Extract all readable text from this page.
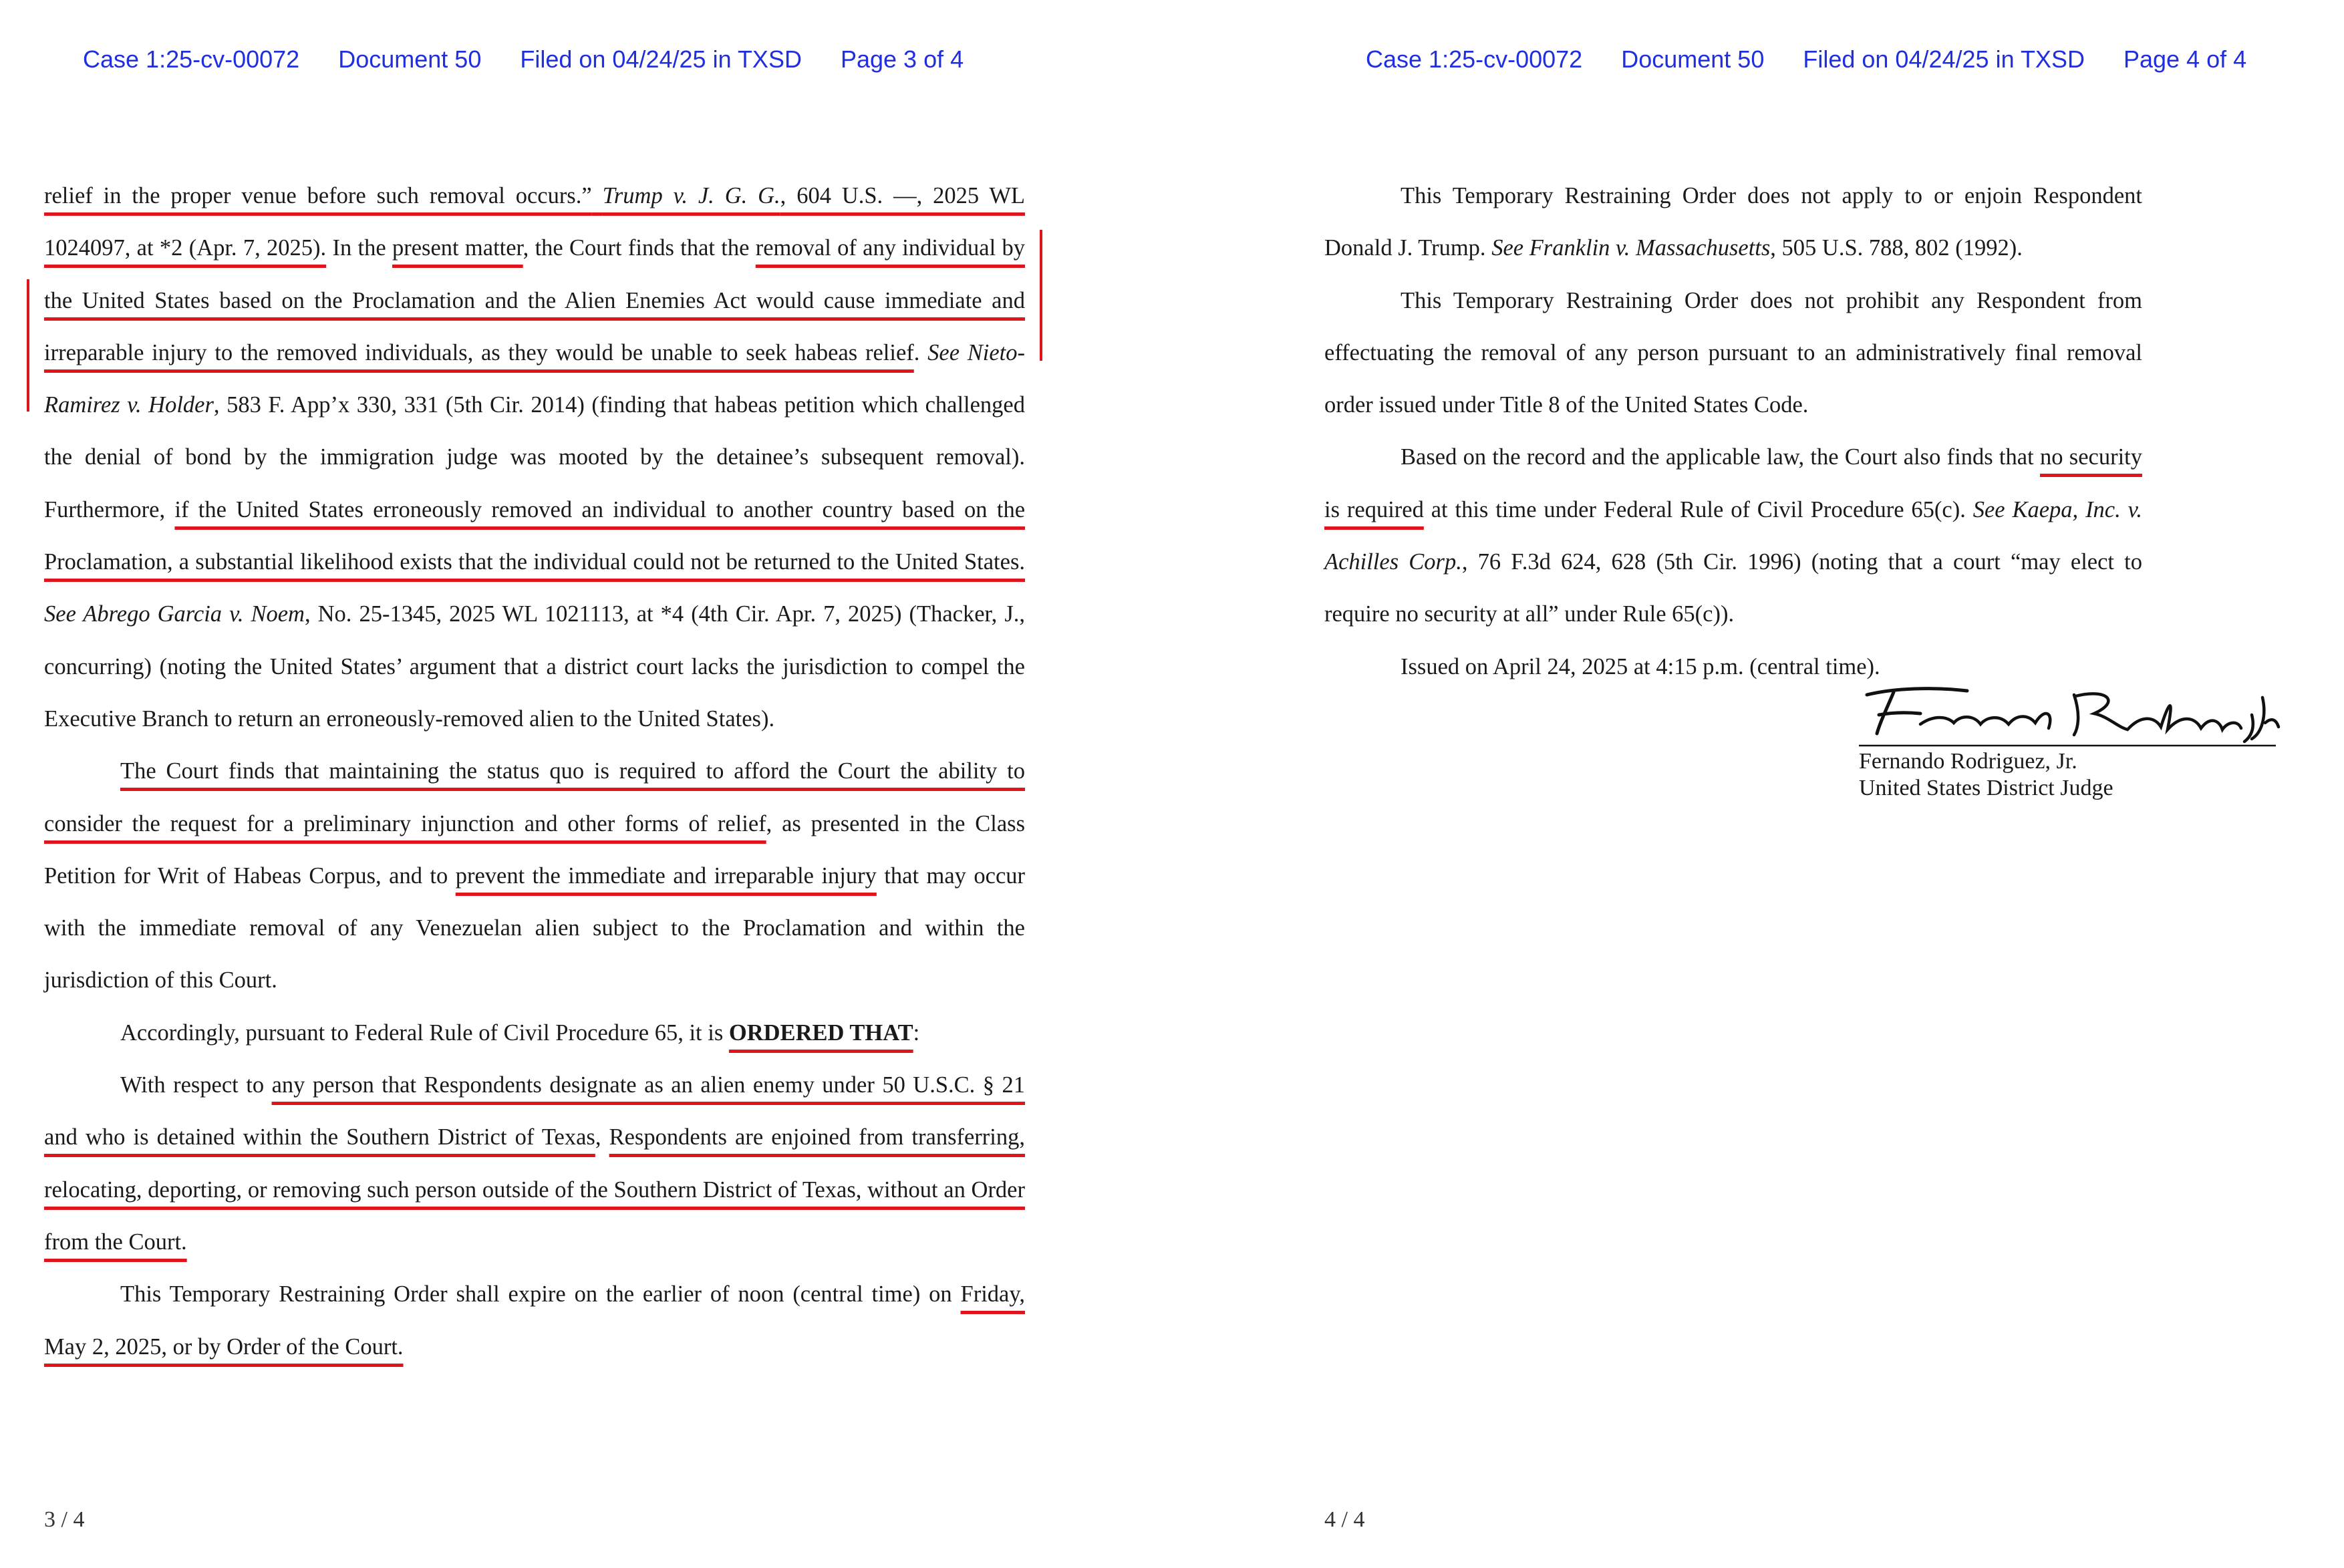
Case 1:25-cv-00072 Document 50 Filed on 04/24/25 in TXSD Page 3 of 4

relief in the proper venue before such removal occurs.” Trump v. J. G. G., 604 U.S. —, 2025 WL 1024097, at *2 (Apr. 7, 2025). In the present matter, the Court finds that the removal of any individual by the United States based on the Proclamation and the Alien Enemies Act would cause immediate and irreparable injury to the removed individuals, as they would be unable to seek habeas relief. See Nieto-Ramirez v. Holder, 583 F. App’x 330, 331 (5th Cir. 2014) (finding that habeas petition which challenged the denial of bond by the immigration judge was mooted by the detainee’s subsequent removal). Furthermore, if the United States erroneously removed an individual to another country based on the Proclamation, a substantial likelihood exists that the individual could not be returned to the United States. See Abrego Garcia v. Noem, No. 25-1345, 2025 WL 1021113, at *4 (4th Cir. Apr. 7, 2025) (Thacker, J., concurring) (noting the United States’ argument that a district court lacks the jurisdiction to compel the Executive Branch to return an erroneously-removed alien to the United States).

The Court finds that maintaining the status quo is required to afford the Court the ability to consider the request for a preliminary injunction and other forms of relief, as presented in the Class Petition for Writ of Habeas Corpus, and to prevent the immediate and irreparable injury that may occur with the immediate removal of any Venezuelan alien subject to the Proclamation and within the jurisdiction of this Court.

Accordingly, pursuant to Federal Rule of Civil Procedure 65, it is ORDERED THAT:

With respect to any person that Respondents designate as an alien enemy under 50 U.S.C. § 21 and who is detained within the Southern District of Texas, Respondents are enjoined from transferring, relocating, deporting, or removing such person outside of the Southern District of Texas, without an Order from the Court.

This Temporary Restraining Order shall expire on the earlier of noon (central time) on Friday, May 2, 2025, or by Order of the Court.

3 / 4
Case 1:25-cv-00072 Document 50 Filed on 04/24/25 in TXSD Page 4 of 4

This Temporary Restraining Order does not apply to or enjoin Respondent Donald J. Trump. See Franklin v. Massachusetts, 505 U.S. 788, 802 (1992).

This Temporary Restraining Order does not prohibit any Respondent from effectuating the removal of any person pursuant to an administratively final removal order issued under Title 8 of the United States Code.

Based on the record and the applicable law, the Court also finds that no security is required at this time under Federal Rule of Civil Procedure 65(c). See Kaepa, Inc. v. Achilles Corp., 76 F.3d 624, 628 (5th Cir. 1996) (noting that a court “may elect to require no security at all” under Rule 65(c)).

Issued on April 24, 2025 at 4:15 p.m. (central time).

Fernando Rodriguez, Jr.
United States District Judge
4 / 4
